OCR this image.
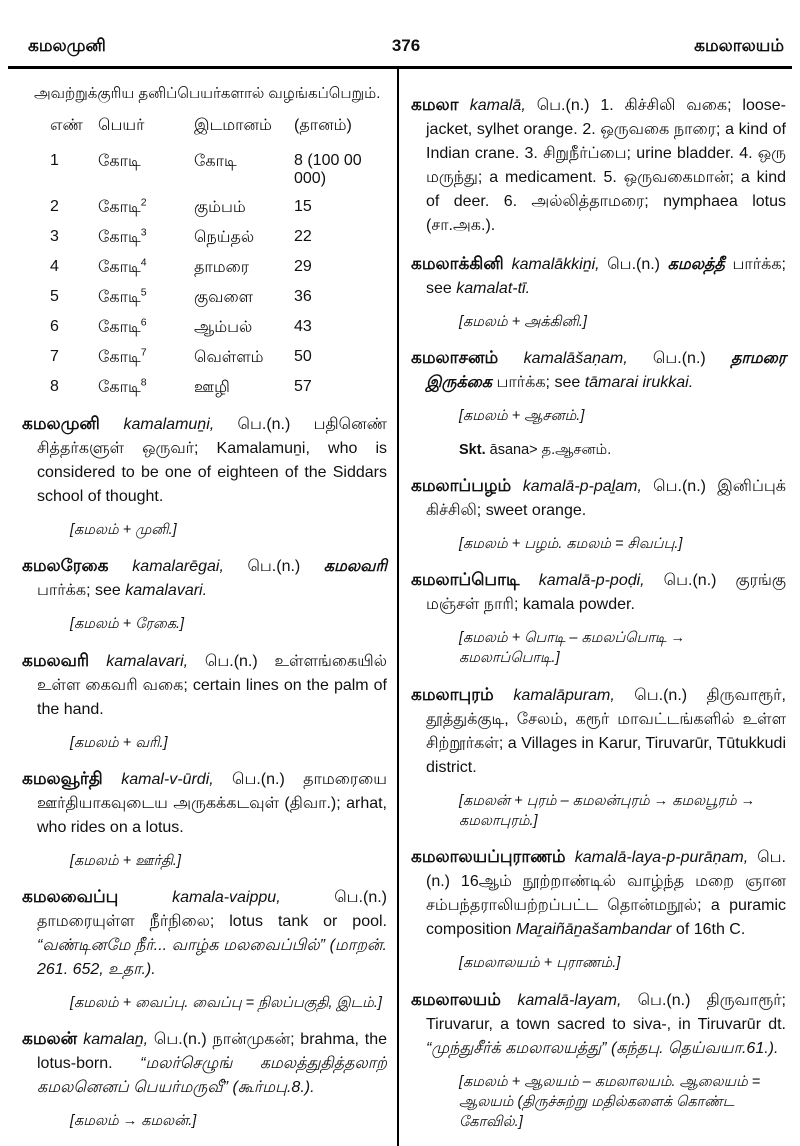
கமலமுனி	376	கமலாலயம்

அவற்றுக்குரிய தனிப்பெயர்களால் வழங்கப்பெறும்.

எண் பெயர்	இடமானம்	(தானம்)
1	கோடி	கோடி	8 (100 00 000)
2	கோடி$^2$	கும்பம்	15
3	கோடி$^3$	நெய்தல்	22
4	கோடி$^4$	தாமரை	29
5	கோடி$^5$	குவளை	36
6	கோடி$^6$	ஆம்பல்	43
7	கோடி$^7$	வெள்ளம்	50
8	கோடி$^8$	ஊழி	57

கமலமுனி kamalamuṉi, பெ.(n.) பதினெண் சித்தர்களுள் ஒருவர்; Kamalamuṉi, who is considered to be one of eighteen of the Siddars school of thought.

[கமலம் + முனி.]

கமலரேகை kamalarēgai, பெ.(n.) கமலவரி பார்க்க; see kamalavari.

[கமலம் + ரேகை.]

கமலவரி kamalavari, பெ.(n.) உள்ளங்கையில் உள்ள கைவரி வகை; certain lines on the palm of the hand.

[கமலம் + வரி.]

கமலவூர்தி kamal-v-ūrdi, பெ.(n.) தாமரையை ஊர்தியாகவுடைய அருகக்கடவுள் (திவா.); arhat, who rides on a lotus.

[கமலம் + ஊர்தி.]

கமலவைப்பு kamala-vaippu, பெ.(n.) தாமரையுள்ள நீர்நிலை; lotus tank or pool. “வண்டினமே நீர்... வாழ்க மலவைப்பில்” (மாறன். 261. 652, உதா.).

[கமலம் + வைப்பு. வைப்பு = நிலப்பகுதி, இடம்.]

கமலன் kamalaṉ, பெ.(n.) நான்முகன்; brahma, the lotus-born. “மலர்செழுங் கமலத்துதித்தலாற் கமலனெனப் பெயர்மருவீ” (கூர்மபு.8.).

[கமலம் → கமலன்.]

கமலா kamalā, பெ.(n.) 1. கிச்சிலி வகை; loose-jacket, sylhet orange. 2. ஒருவகை நாரை; a kind of Indian crane. 3. சிறுநீர்ப்பை; urine bladder. 4. ஒரு மருந்து; a medicament. 5. ஒருவகைமான்; a kind of deer. 6. அல்லித்தாமரை; nymphaea lotus (சா.அக.).

கமலாக்கினி kamalākkiṉi, பெ.(n.) கமலத்தீ பார்க்க; see kamalat-tī.

[கமலம் + அக்கினி.]

கமலாசனம் kamalāšaṇam, பெ.(n.) தாமரை இருக்கை பார்க்க; see tāmarai irukkai.

[கமலம் + ஆசனம்.]

Skt. āsana> த.ஆசனம்.

கமலாப்பழம் kamalā-p-paḻam, பெ.(n.) இனிப்புக் கிச்சிலி; sweet orange.

[கமலம் + பழம். கமலம் = சிவப்பு.]

கமலாப்பொடி kamalā-p-poḍi, பெ.(n.) குரங்கு மஞ்சள் நாரி; kamala powder.

[கமலம் + பொடி – கமலப்பொடி → கமலாப்பொடி.]

கமலாபுரம் kamalāpuram, பெ.(n.) திருவாரூர், தூத்துக்குடி, சேலம், கரூர் மாவட்டங்களில் உள்ள சிற்றூர்கள்; a Villages in Karur, Tiruvarūr, Tūtukkudi district.

[கமலன் + புரம் – கமலன்புரம் → கமலபூரம் → கமலாபுரம்.]

கமலாலயப்புராணம் kamalā-laya-p-purāṇam, பெ.(n.) 16ஆம் நூற்றாண்டில் வாழ்ந்த மறை ஞான சம்பந்தராலியற்றப்பட்ட தொன்மநூல்; a puramic composition Maṟaiñāṉašambandar of 16th C.

[கமலாலயம் + புராணம்.]

கமலாலயம் kamalā-layam, பெ.(n.) திருவாரூர்; Tiruvarur, a town sacred to siva-, in Tiruvarūr dt. “முந்துசீர்க் கமலாலயத்து” (கந்தபு. தெய்வயா.61.).

[கமலம் + ஆலயம் – கமலாலயம். ஆலையம் = ஆலயம் (திருச்சுற்று மதில்களைக் கொண்ட கோவில்.]
